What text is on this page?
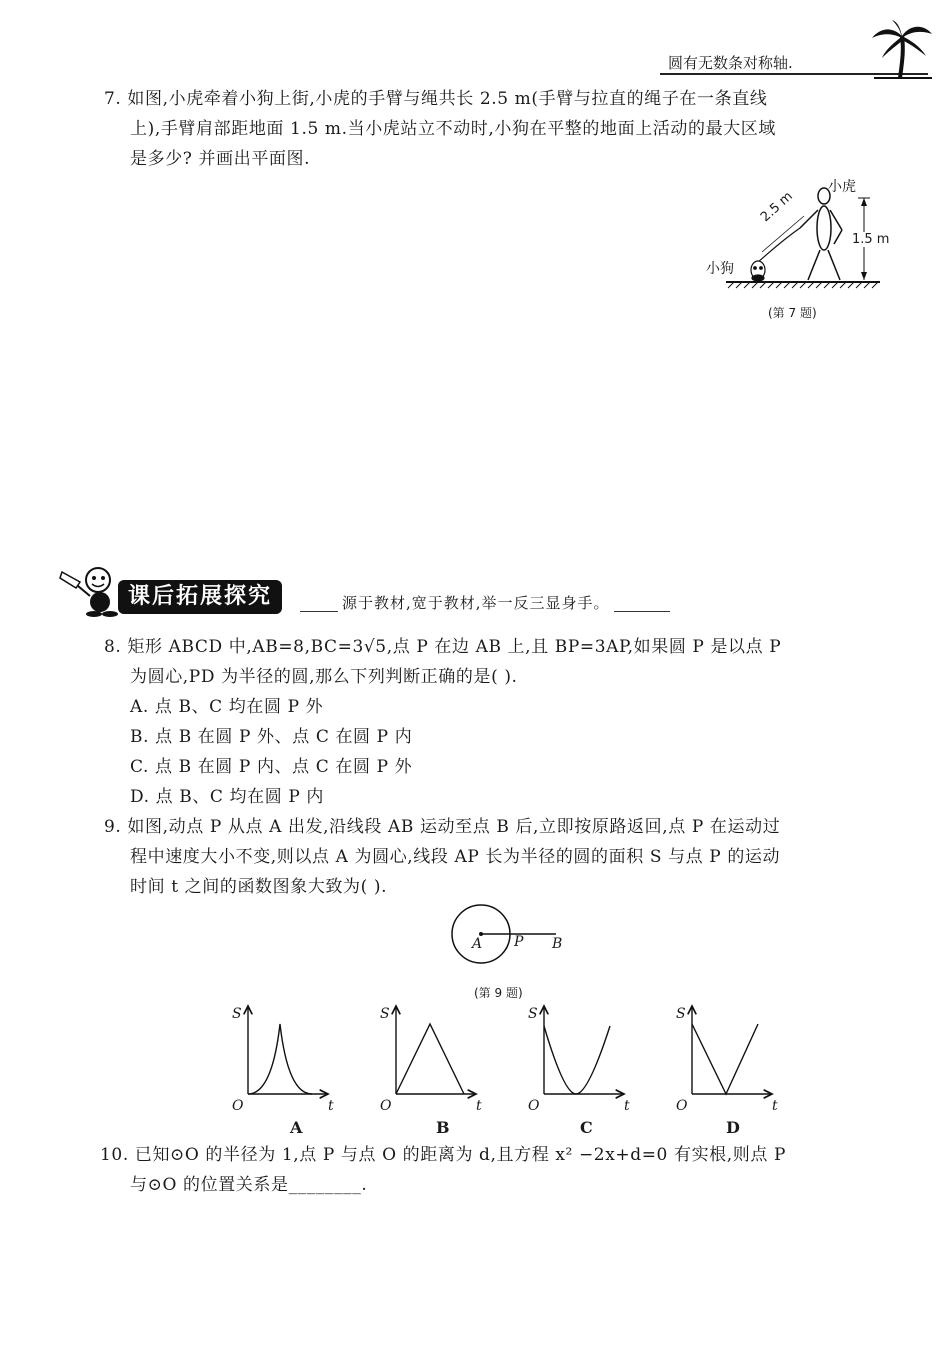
圆有无数条对称轴.
7. 如图,小虎牵着小狗上街,小虎的手臂与绳共长 2.5 m(手臂与拉直的绳子在一条直线
上),手臂肩部距地面 1.5 m.当小虎站立不动时,小狗在平整的地面上活动的最大区域
是多少? 并画出平面图.
小虎
小狗
2.5 m
1.5 m
(第 7 题)
课后拓展探究	源于教材,宽于教材,举一反三显身手。
8. 矩形 ABCD 中,AB=8,BC=3√5,点 P 在边 AB 上,且 BP=3AP,如果圆 P 是以点 P
为圆心,PD 为半径的圆,那么下列判断正确的是( ).
A. 点 B、C 均在圆 P 外
B. 点 B 在圆 P 外、点 C 在圆 P 内
C. 点 B 在圆 P 内、点 C 在圆 P 外
D. 点 B、C 均在圆 P 内
9. 如图,动点 P 从点 A 出发,沿线段 AB 运动至点 B 后,立即按原路返回,点 P 在运动过
程中速度大小不变,则以点 A 为圆心,线段 AP 长为半径的圆的面积 S 与点 P 的运动
时间 t 之间的函数图象大致为( ).
A P B
(第 9 题)
S
O	t
A
S
O	t
B
S
O	t
C
S
O	t
D
10. 已知⊙O 的半径为 1,点 P 与点 O 的距离为 d,且方程 x² −2x+d=0 有实根,则点 P
与⊙O 的位置关系是________.
